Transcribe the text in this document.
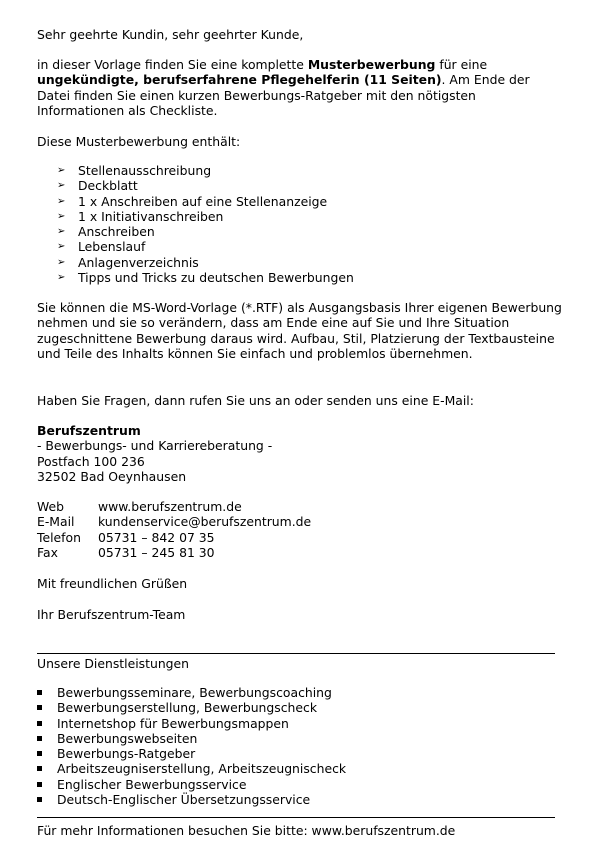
Sehr geehrte Kundin, sehr geehrter Kunde,
in dieser Vorlage finden Sie eine komplette Musterbewerbung für eine ungekündigte, berufserfahrene Pflegehelferin (11 Seiten). Am Ende der Datei finden Sie einen kurzen Bewerbungs-Ratgeber mit den nötigsten Informationen als Checkliste.
Diese Musterbewerbung enthält:
➢ Stellenausschreibung
➢ Deckblatt
➢ 1 x Anschreiben auf eine Stellenanzeige
➢ 1 x Initiativanschreiben
➢ Anschreiben
➢ Lebenslauf
➢ Anlagenverzeichnis
➢ Tipps und Tricks zu deutschen Bewerbungen
Sie können die MS-Word-Vorlage (*.RTF) als Ausgangsbasis Ihrer eigenen Bewerbung nehmen und sie so verändern, dass am Ende eine auf Sie und Ihre Situation zugeschnittene Bewerbung daraus wird. Aufbau, Stil, Platzierung der Textbausteine und Teile des Inhalts können Sie einfach und problemlos übernehmen.
Haben Sie Fragen, dann rufen Sie uns an oder senden uns eine E-Mail:
Berufszentrum
- Bewerbungs- und Karriereberatung -
Postfach 100 236
32502 Bad Oeynhausen
Web	www.berufszentrum.de
E-Mail kundenservice@berufszentrum.de
Telefon 05731 – 842 07 35
Fax	05731 – 245 81 30
Mit freundlichen Grüßen
Ihr Berufszentrum-Team
Unsere Dienstleistungen
Bewerbungsseminare, Bewerbungscoaching
Bewerbungserstellung, Bewerbungscheck
Internetshop für Bewerbungsmappen
Bewerbungswebseiten
Bewerbungs-Ratgeber
Arbeitszeugniserstellung, Arbeitszeugnischeck
Englischer Bewerbungsservice
Deutsch-Englischer Übersetzungsservice
Für mehr Informationen besuchen Sie bitte: www.berufszentrum.de
